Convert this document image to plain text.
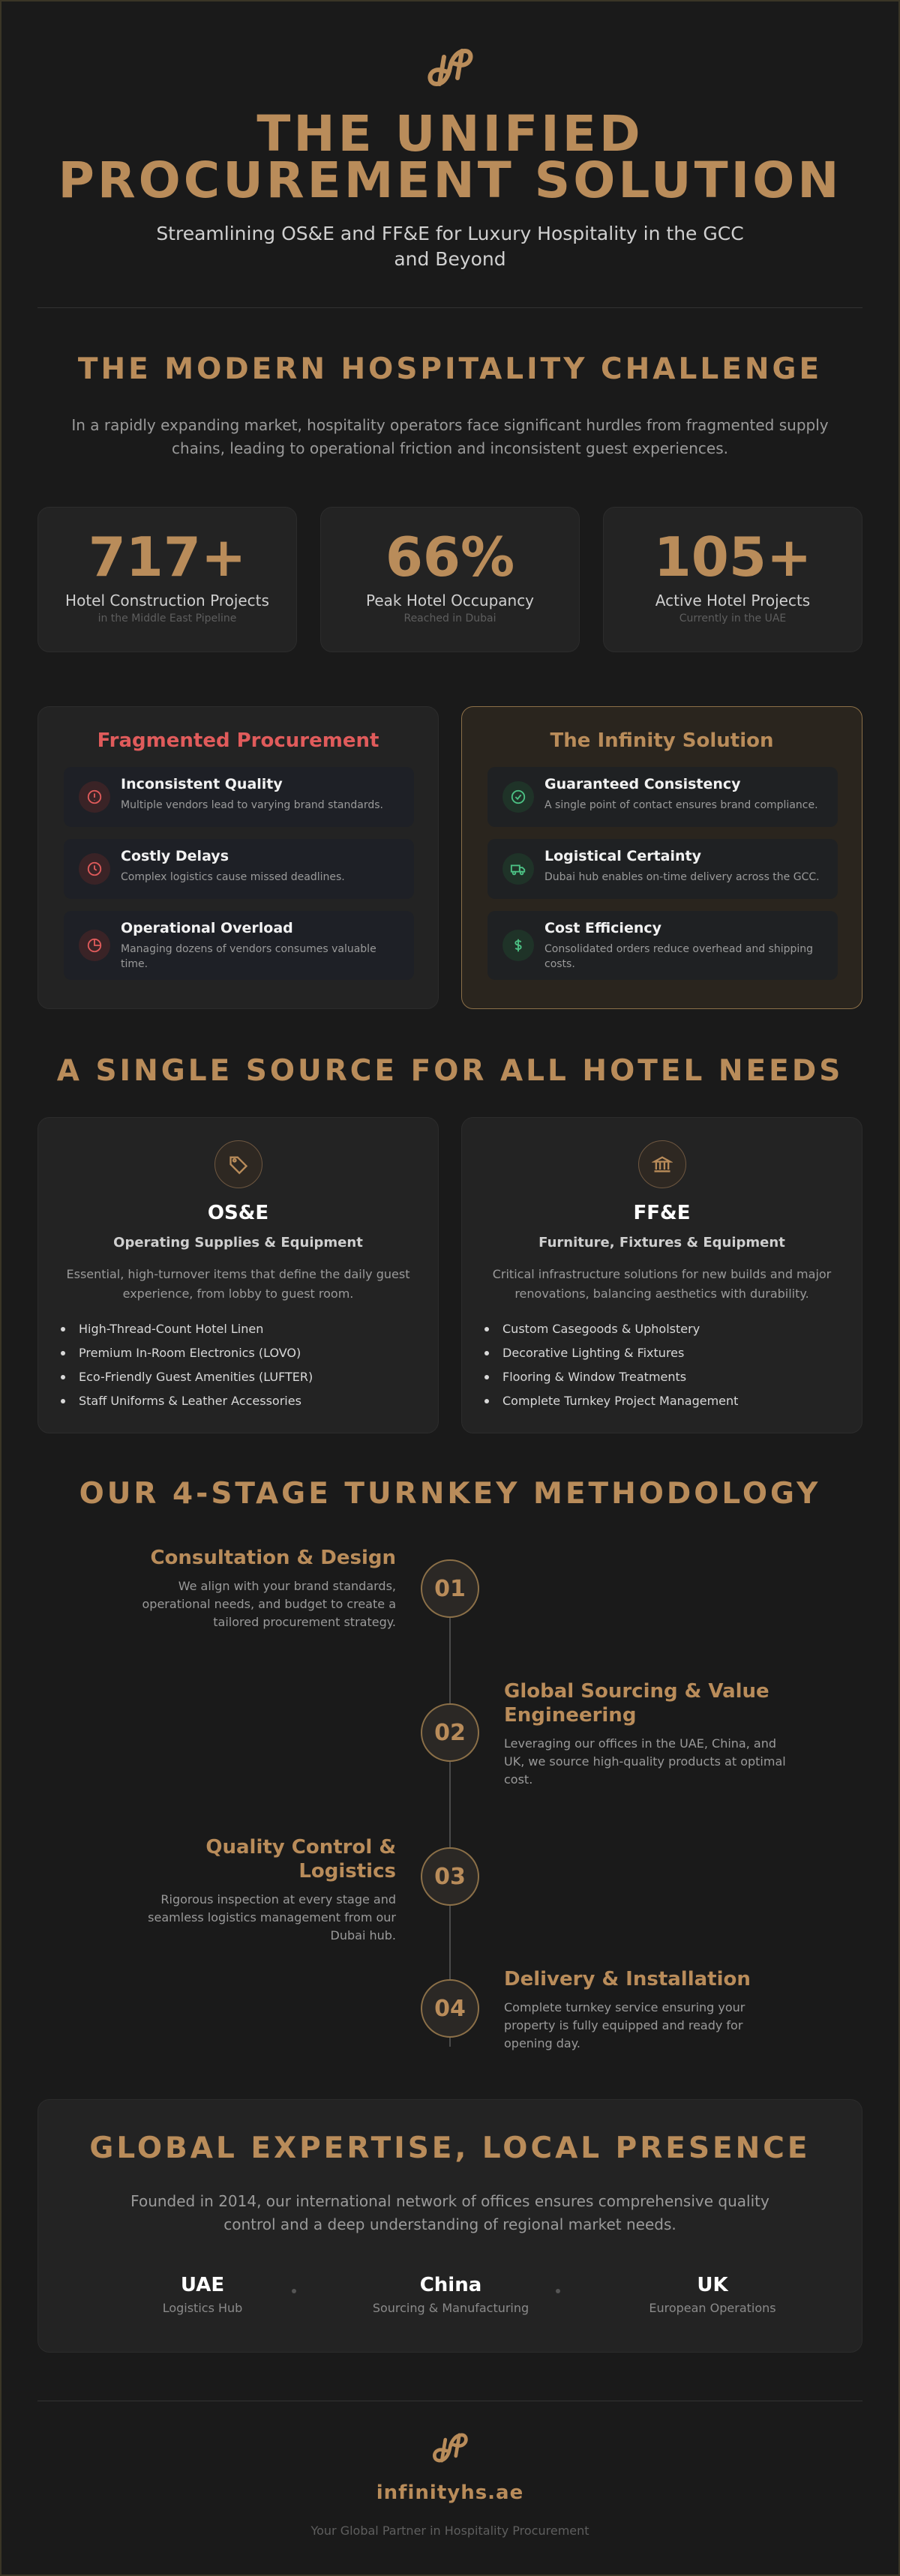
THE UNIFIED PROCUREMENT SOLUTION
Streamlining OS&E and FF&E for Luxury Hospitality in the GCC and Beyond
THE MODERN HOSPITALITY CHALLENGE
In a rapidly expanding market, hospitality operators face significant hurdles from fragmented supply chains, leading to operational friction and inconsistent guest experiences.
717+
Hotel Construction Projects
in the Middle East Pipeline
66%
Peak Hotel Occupancy
Reached in Dubai
105+
Active Hotel Projects
Currently in the UAE
Fragmented Procurement
Inconsistent Quality
Multiple vendors lead to varying brand standards.
Costly Delays
Complex logistics cause missed deadlines.
Operational Overload
Managing dozens of vendors consumes valuable time.
The Infinity Solution
Guaranteed Consistency
A single point of contact ensures brand compliance.
Logistical Certainty
Dubai hub enables on-time delivery across the GCC.
Cost Efficiency
Consolidated orders reduce overhead and shipping costs.
A SINGLE SOURCE FOR ALL HOTEL NEEDS
OS&E
Operating Supplies & Equipment
Essential, high-turnover items that define the daily guest experience, from lobby to guest room.
High-Thread-Count Hotel Linen
Premium In-Room Electronics (LOVO)
Eco-Friendly Guest Amenities (LUFTER)
Staff Uniforms & Leather Accessories
FF&E
Furniture, Fixtures & Equipment
Critical infrastructure solutions for new builds and major renovations, balancing aesthetics with durability.
Custom Casegoods & Upholstery
Decorative Lighting & Fixtures
Flooring & Window Treatments
Complete Turnkey Project Management
OUR 4-STAGE TURNKEY METHODOLOGY
Consultation & Design
We align with your brand standards, operational needs, and budget to create a tailored procurement strategy.
01
02
Global Sourcing & Value Engineering
Leveraging our offices in the UAE, China, and UK, we source high-quality products at optimal cost.
Quality Control & Logistics
Rigorous inspection at every stage and seamless logistics management from our Dubai hub.
03
04
Delivery & Installation
Complete turnkey service ensuring your property is fully equipped and ready for opening day.
GLOBAL EXPERTISE, LOCAL PRESENCE
Founded in 2014, our international network of offices ensures comprehensive quality control and a deep understanding of regional market needs.
UAE
Logistics Hub
China
Sourcing & Manufacturing
UK
European Operations
infinityhs.ae
Your Global Partner in Hospitality Procurement
